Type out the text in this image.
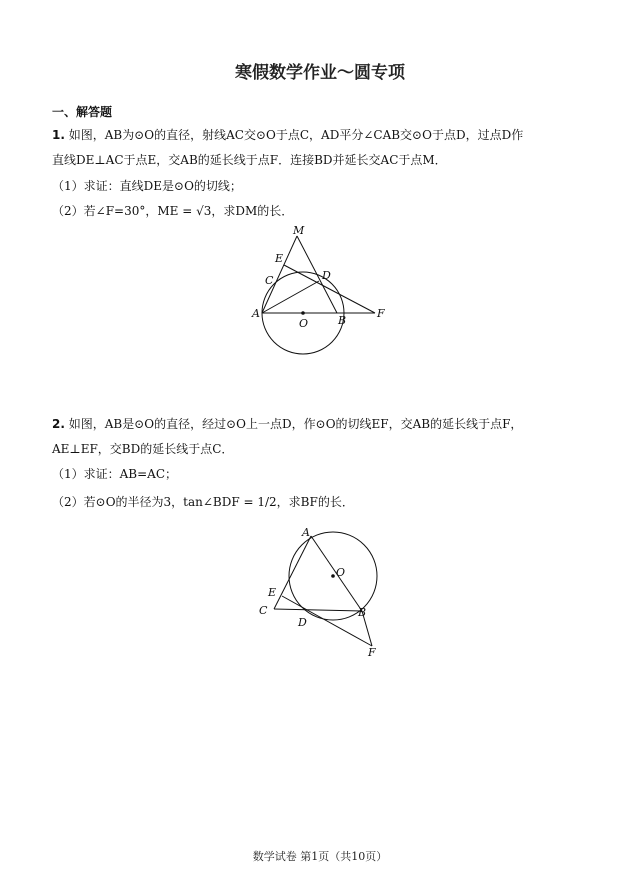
寒假数学作业～圆专项
一、解答题
1. 如图，AB为⊙O的直径，射线AC交⊙O于点C，AD平分∠CAB交⊙O于点D，过点D作
直线DE⊥AC于点E，交AB的延长线于点F．连接BD并延长交AC于点M．
（1）求证：直线DE是⊙O的切线；
（2）若∠F=30°，ME = √3，求DM的长．
M
E
C	D
A
O	B
F
2. 如图，AB是⊙O的直径，经过⊙O上一点D，作⊙O的切线EF，交AB的延长线于点F，
AE⊥EF，交BD的延长线于点C．
（1）求证：AB=AC；
（2）若⊙O的半径为3，tan∠BDF = 1/2，求BF的长．
A
O
E
C
D
B
F
数学试卷 第1页（共10页）
